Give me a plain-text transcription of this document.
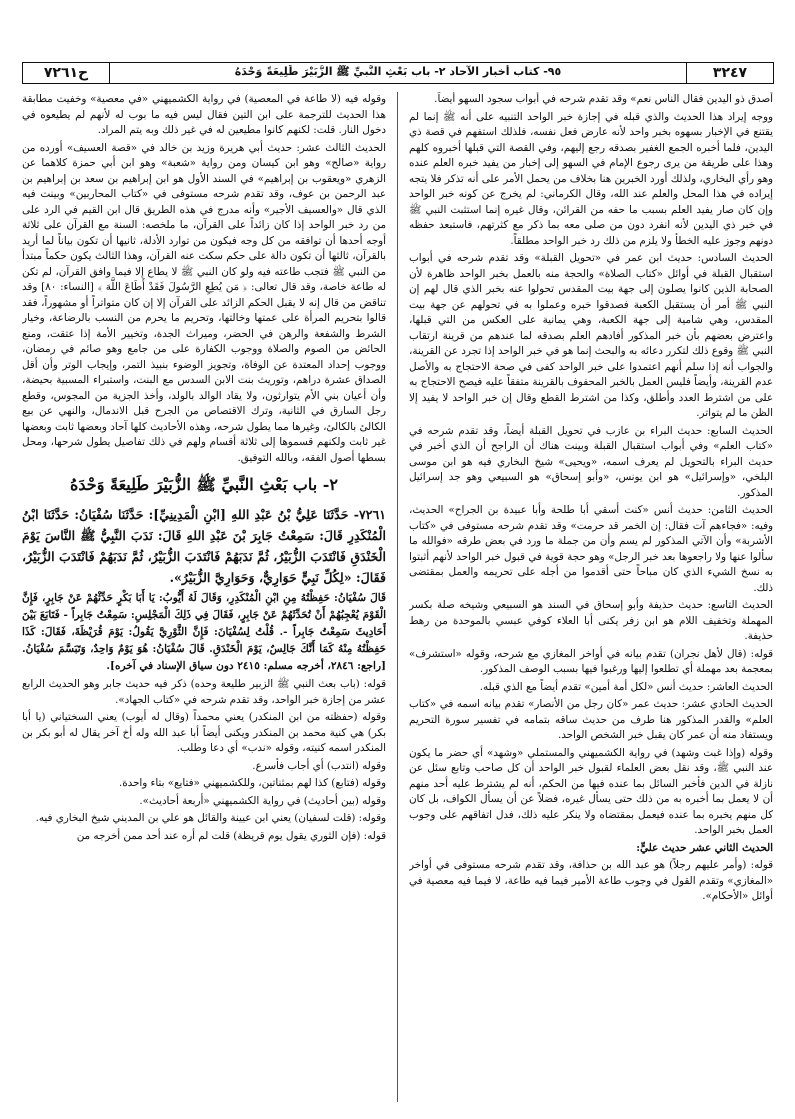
ح٧٢٦١	٩٥- كتاب أخبار الآحاد ٢- باب بَعْثِ النَّبيِّ ﷺ الزُّبَيْرَ طَلِيعَةً وَحْدَهُ	٣٢٤٧

أصدق ذو اليدين فقال الناس نعم» وقد تقدم شرحه في أبواب سجود السهو أيضاً.

ووجه إيراد هذا الحديث والذي قبله في إجازة خبر الواحد التنبيه على أنه ﷺ إنما لم يقتنع في الإخبار بسهوه بخبر واحد لأنه عارض فعل نفسه، فلذلك استفهم في قصة ذي اليدين، فلما أخبره الجمع الغفير بصدقه رجع إليهم، وفي القصة التي قبلها أخبروه كلهم وهذا على طريقة من يرى رجوع الإمام في السهو إلى إخبار من يفيد خبره العلم عنده وهو رأي البخاري، ولذلك أورد الخبرين هنا بخلاف من يحمل الأمر على أنه تذكر فلا يتجه إيراده في هذا المحل والعلم عند الله، وقال الكرماني: لم يخرج عن كونه خبر الواحد وإن كان صار يفيد العلم بسبب ما حفه من القرائن، وقال غيره إنما استثبت النبي ﷺ في خبر ذي اليدين لأنه انفرد دون من صلى معه بما ذكر مع كثرتهم، فاستبعد حفظه دونهم وجوز عليه الخطأ ولا يلزم من ذلك رد خبر الواحد مطلقاً.

الحديث السادس: حديث ابن عمر في «تحويل القبلة» وقد تقدم شرحه في أبواب استقبال القبلة في أوائل «كتاب الصلاة» والحجة منه بالعمل بخبر الواحد ظاهرة لأن الصحابة الذين كانوا يصلون إلى جهة بيت المقدس تحولوا عنه بخبر الذي قال لهم إن النبي ﷺ أمر أن يستقبل الكعبة فصدقوا خبره وعملوا به في تحولهم عن جهة بيت المقدس، وهي شامية إلى جهة الكعبة، وهي يمانية على العكس من التي قبلها، واعترض بعضهم بأن خبر المذكور أفادهم العلم بصدقه لما عندهم من قرينة ارتقاب النبي ﷺ وقوع ذلك لتكرر دعائه به والبحث إنما هو في خبر الواحد إذا تجرد عن القرينة، والجواب أنه إذا سلم أنهم اعتمدوا على خبر الواحد كفى في صحة الاحتجاج به والأصل عدم القرينة، وأيضاً فليس العمل بالخبر المحفوف بالقرينة متفقاً عليه فيصح الاحتجاج به على من اشترط العدد وأطلق، وكذا من اشترط القطع وقال إن خبر الواحد لا يفيد إلا الظن ما لم يتواتر.

الحديث السابع: حديث البراء بن عازب في تحويل القبلة أيضاً، وقد تقدم شرحه في «كتاب العلم» وفي أبواب استقبال القبلة وبينت هناك أن الراجح أن الذي أخبر في حديث البراء بالتحويل لم يعرف اسمه، «ويحيى» شيخ البخاري فيه هو ابن موسى البلخي، «وإسرائيل» هو ابن يونس، «وأبو إسحاق» هو السبيعي وهو جد إسرائيل المذكور.

الحديث الثامن: حديث أنس «كنت أسقي أبا طلحة وأبا عبيدة بن الجراح» الحديث، وفيه: «فجاءهم آت فقال: إن الخمر قد حرمت» وقد تقدم شرحه مستوفى في «كتاب الأشربة» وأن الآتي المذكور لم يسم وأن من جملة ما ورد في بعض طرقه «فوالله ما سألوا عنها ولا راجعوها بعد خبر الرجل» وهو حجة قوية في قبول خبر الواحد لأنهم أثبتوا به نسخ الشيء الذي كان مباحاً حتى أقدموا من أجله على تحريمه والعمل بمقتضى ذلك.

الحديث التاسع: حديث حذيفة وأبو إسحاق في السند هو السبيعي وشيخه صلة بكسر المهملة وتخفيف اللام هو ابن زفر يكنى أبا العلاء كوفي عبسي بالموحدة من رهط حذيفة.

قوله: (قال لأهل نجران) تقدم بيانه في أواخر المغازي مع شرحه، وقوله «استشرف» بمعجمة بعد مهملة أي تطلعوا إليها ورغبوا فيها بسبب الوصف المذكور.

الحديث العاشر: حديث أنس «لكل أمة أمين» تقدم أيضاً مع الذي قبله.

الحديث الحادي عشر: حديث عمر «كان رجل من الأنصار» تقدم بيانه اسمه في «كتاب العلم» والقدر المذكور هنا طرف من حديث ساقه بتمامه في تفسير سورة التحريم ويستفاد منه أن عمر كان يقبل خبر الشخص الواحد.

وقوله (وإذا غبت وشهد) في رواية الكشميهني والمستملي «وشهد» أي حضر ما يكون عند النبي ﷺ، وقد نقل بعض العلماء لقبول خبر الواحد أن كل صاحب وتابع سئل عن نازلة في الدين فأخبر السائل بما عنده فيها من الحكم، أنه لم يشترط عليه أحد منهم أن لا يعمل بما أخبره به من ذلك حتى يسأل غيره، فضلاً عن أن يسأل الكواف، بل كان كل منهم يخبره بما عنده فيعمل بمقتضاه ولا ينكر عليه ذلك، فدل اتفاقهم على وجوب العمل بخبر الواحد.

الحديث الثاني عشر حديث عليٍّ:

قوله: (وأمر عليهم رجلاً) هو عبد الله بن حذافة، وقد تقدم شرحه مستوفى في أواخر «المغازي» وتقدم القول في وجوب طاعة الأمير فيما فيه طاعة، لا فيما فيه معصية في أوائل «الأحكام».

وقوله فيه (لا طاعة في المعصية) في رواية الكشميهني «في معصية» وخفيت مطابقة هذا الحديث للترجمة على ابن التين فقال ليس فيه ما بوب له لأنهم لم يطيعوه في دخول النار. قلت: لكنهم كانوا مطيعين له في غير ذلك وبه يتم المراد.

الحديث الثالث عشر: حديث أبي هريرة وزيد بن خالد في «قصة العسيف» أورده من رواية «صالح» وهو ابن كيسان ومن رواية «شعبة» وهو ابن أبي حمزة كلاهما عن الزهري «ويعقوب بن إبراهيم» في السند الأول هو ابن إبراهيم بن سعد بن إبراهيم بن عبد الرحمن بن عوف، وقد تقدم شرحه مستوفى في «كتاب المحاربين» وبينت فيه الذي قال «والعسيف الأجير» وأنه مدرج في هذه الطريق قال ابن القيم في الرد على من رد خبر الواحد إذا كان زائداً على القرآن، ما ملخصه: السنة مع القرآن على ثلاثة أوجه أحدها أن توافقه من كل وجه فيكون من توارد الأدلة، ثانيها أن تكون بياناً لما أريد بالقرآن، ثالثها أن تكون دالة على حكم سكت عنه القرآن، وهذا الثالث يكون حكماً مبتدأ من النبي ﷺ فتجب طاعته فيه ولو كان النبي ﷺ لا يطاع إلا فيما وافق القرآن، لم تكن له طاعة خاصة، وقد قال تعالى: ﴿ مَن يُطِعِ الرَّسُولَ فَقَدْ أَطَاعَ اللَّهَ ﴾ [النساء: ٨٠] وقد تناقض من قال إنه لا يقبل الحكم الزائد على القرآن إلا إن كان متواتراً أو مشهوراً، فقد قالوا بتحريم المرأة على عمتها وخالتها، وتحريم ما يحرم من النسب بالرضاعة، وخيار الشرط والشفعة والرهن في الحضر، وميراث الجدة، وتخيير الأمة إذا عتقت، ومنع الحائض من الصوم والصلاة ووجوب الكفارة على من جامع وهو صائم في رمضان، ووجوب إحداد المعتدة عن الوفاة، وتجويز الوضوء بنبيذ التمر، وإيجاب الوتر وأن أقل الصداق عشرة دراهم، وتوريث بنت الابن السدس مع البنت، واستبراء المسبية بحيضة، وأن أعيان بني الأم يتوارثون، ولا يقاد الوالد بالولد، وأخذ الجزية من المجوس، وقطع رجل السارق في الثانية، وترك الاقتصاص من الجرح قبل الاندمال، والنهي عن بيع الكالئ بالكالئ، وغيرها مما يطول شرحه، وهذه الأحاديث كلها آحاد وبعضها ثابت وبعضها غير ثابت ولكنهم قسموها إلى ثلاثة أقسام ولهم في ذلك تفاصيل يطول شرحها، ومحل بسطها أصول الفقه، وبالله التوفيق.

٢- باب بَعْثِ النَّبيِّ ﷺ الزُّبَيْرَ طَلِيعَةً وَحْدَهُ

٧٢٦١- حَدَّثَنَا عَلِيُّ بْنُ عَبْدِ اللهِ [ابْنِ الْمَدِينِيِّ]: حَدَّثَنَا سُفْيَانُ: حَدَّثَنَا ابْنُ الْمُنْكَدِرِ قَالَ: سَمِعْتُ جَابِرَ بْنَ عَبْدِ اللهِ قَالَ: نَدَبَ النَّبِيُّ ﷺ النَّاسَ يَوْمَ الْخَنْدَقِ فَانْتَدَبَ الزُّبَيْرُ، ثُمَّ نَدَبَهُمْ فَانْتَدَبَ الزُّبَيْرُ، ثُمَّ نَدَبَهُمْ فَانْتَدَبَ الزُّبَيْرُ، فَقَالَ: «لِكُلِّ نَبِيٍّ حَوَارِيٌّ، وَحَوَارِيَّ الزُّبَيْرُ».

قَالَ سُفْيَانُ: حَفِظْتُهُ مِنِ ابْنِ الْمُنْكَدِرِ، وَقَالَ لَهُ أَيُّوبُ: يَا أَبَا بَكْرٍ حَدِّثْهُمْ عَنْ جَابِرٍ، فَإِنَّ الْقَوْمَ يُعْجِبُهُمْ أَنْ تُحَدِّثَهُمْ عَنْ جَابِرٍ، فَقَالَ فِي ذَلِكَ الْمَجْلِسِ: سَمِعْتُ جَابِراً - فَتَابَعَ بَيْنَ أَحَادِيثَ سَمِعْتُ جَابِراً -. قُلْتُ لِسُفْيَانَ: فَإِنَّ الثَّوْرِيَّ يَقُولُ: يَوْمَ قُرَيْظَةَ، فَقَالَ: كَذَا حَفِظْتُهُ مِنْهُ كَمَا أَنَّكَ جَالِسٌ، يَوْمَ الْخَنْدَقِ. قَالَ سُفْيَانُ: هُوَ يَوْمٌ وَاحِدٌ، وَتَبَسَّمَ سُفْيَانُ. [راجع: ٢٨٤٦، أخرجه مسلم: ٢٤١٥ دون سياق الإسناد في آخره].

قوله: (باب بعث النبي ﷺ الزبير طليعة وحده) ذكر فيه حديث جابر وهو الحديث الرابع عشر من إجازة خبر الواحد، وقد تقدم شرحه في «كتاب الجهاد».

وقوله (حفظته من ابن المنكدر) يعني محمداً (وقال له أيوب) يعني السختياني (يا أبا بكر) هي كنية محمد بن المنكدر ويكنى أيضاً أبا عبد الله وله أخ آخر يقال له أبو بكر بن المنكدر اسمه كنيته، وقوله «ندب» أي دعا وطلب.

وقوله (انتدب) أي أجاب فأسرع.

وقوله (فتابع) كذا لهم بمثناتين، وللكشميهني «فتايع» بتاء واحدة.

وقوله (بين أحاديث) في رواية الكشميهني «أربعة أحاديث».

وقوله: (قلت لسفيان) يعني ابن عيينة والقائل هو علي بن المديني شيخ البخاري فيه.

قوله: (فإن الثوري يقول يوم قريظة) قلت لم أره عند أحد ممن أخرجه من
